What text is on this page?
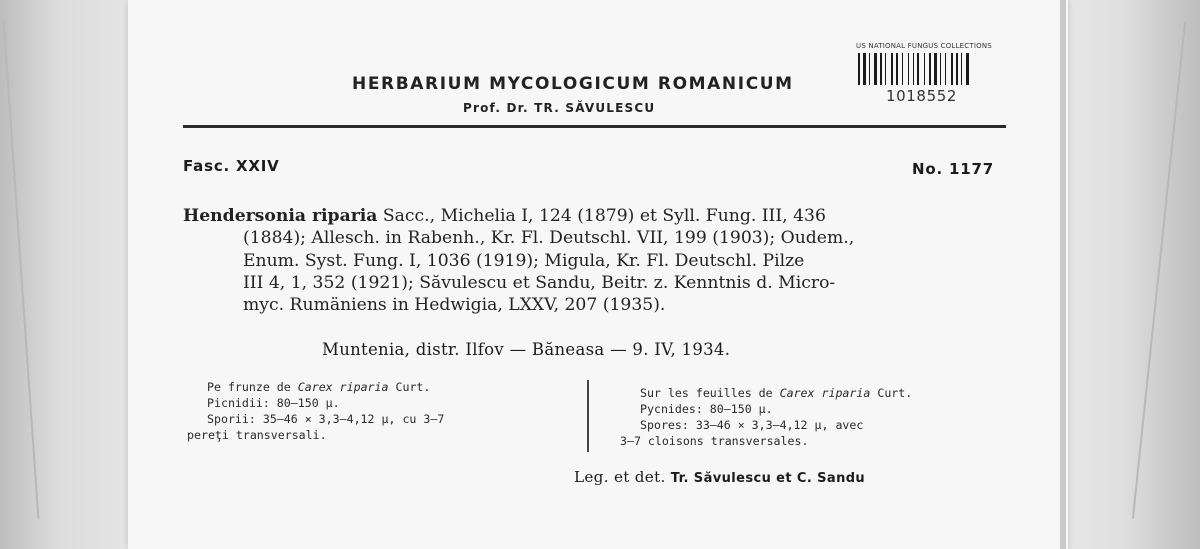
HERBARIUM MYCOLOGICUM ROMANICUM
Prof. Dr. TR. SĂVULESCU
US NATIONAL FUNGUS COLLECTIONS
1018552
Fasc. XXIV	No. 1177
Hendersonia riparia Sacc., Michelia I, 124 (1879) et Syll. Fung. III, 436
(1884); Allesch. in Rabenh., Kr. Fl. Deutschl. VII, 199 (1903); Oudem.,
Enum. Syst. Fung. I, 1036 (1919); Migula, Kr. Fl. Deutschl. Pilze
III 4, 1, 352 (1921); Săvulescu et Sandu, Beitr. z. Kenntnis d. Micro-
myc. Rumäniens in Hedwigia, LXXV, 207 (1935).
Muntenia, distr. Ilfov — Băneasa — 9. IV, 1934.
Pe frunze de Carex riparia Curt.
Picnidii: 80—150 μ.
Sporii: 35—46 × 3,3—4,12 μ, cu 3—7
pereţi transversali.
Sur les feuilles de Carex riparia Curt.
Pycnides: 80—150 μ.
Spores: 33—46 × 3,3—4,12 μ, avec
3—7 cloisons transversales.
Leg. et det. Tr. Săvulescu et C. Sandu
